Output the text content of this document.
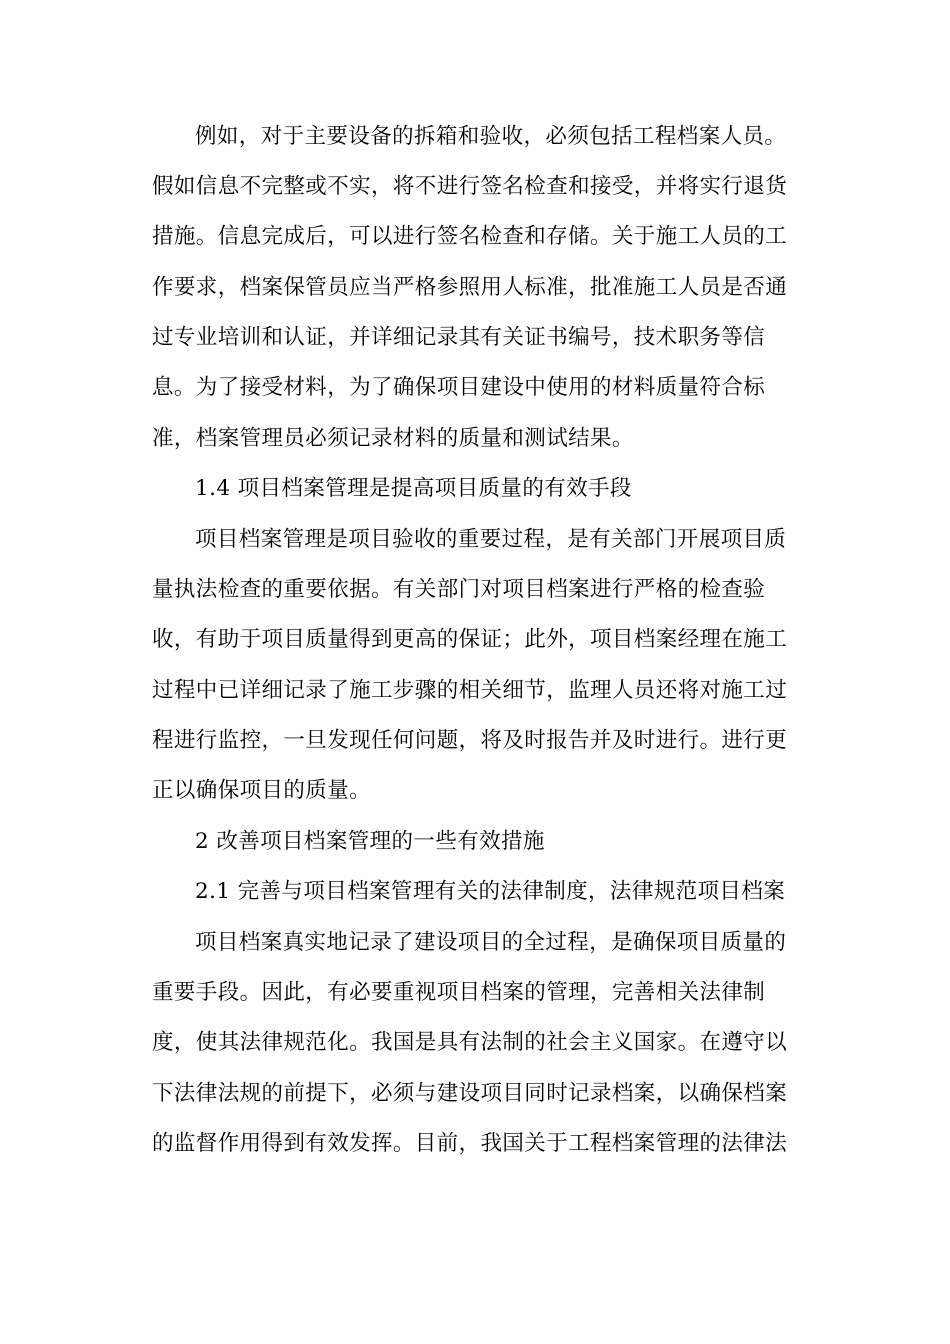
例如，对于主要设备的拆箱和验收，必须包括工程档案人员。
假如信息不完整或不实，将不进行签名检查和接受，并将实行退货
措施。信息完成后，可以进行签名检查和存储。关于施工人员的工
作要求，档案保管员应当严格参照用人标准，批准施工人员是否通
过专业培训和认证，并详细记录其有关证书编号，技术职务等信
息。为了接受材料，为了确保项目建设中使用的材料质量符合标
准，档案管理员必须记录材料的质量和测试结果。
1.4 项目档案管理是提高项目质量的有效手段
项目档案管理是项目验收的重要过程，是有关部门开展项目质
量执法检查的重要依据。有关部门对项目档案进行严格的检查验
收，有助于项目质量得到更高的保证；此外，项目档案经理在施工
过程中已详细记录了施工步骤的相关细节，监理人员还将对施工过
程进行监控，一旦发现任何问题，将及时报告并及时进行。进行更
正以确保项目的质量。
2 改善项目档案管理的一些有效措施
2.1 完善与项目档案管理有关的法律制度，法律规范项目档案
项目档案真实地记录了建设项目的全过程，是确保项目质量的
重要手段。因此，有必要重视项目档案的管理，完善相关法律制
度，使其法律规范化。我国是具有法制的社会主义国家。在遵守以
下法律法规的前提下，必须与建设项目同时记录档案，以确保档案
的监督作用得到有效发挥。目前，我国关于工程档案管理的法律法
